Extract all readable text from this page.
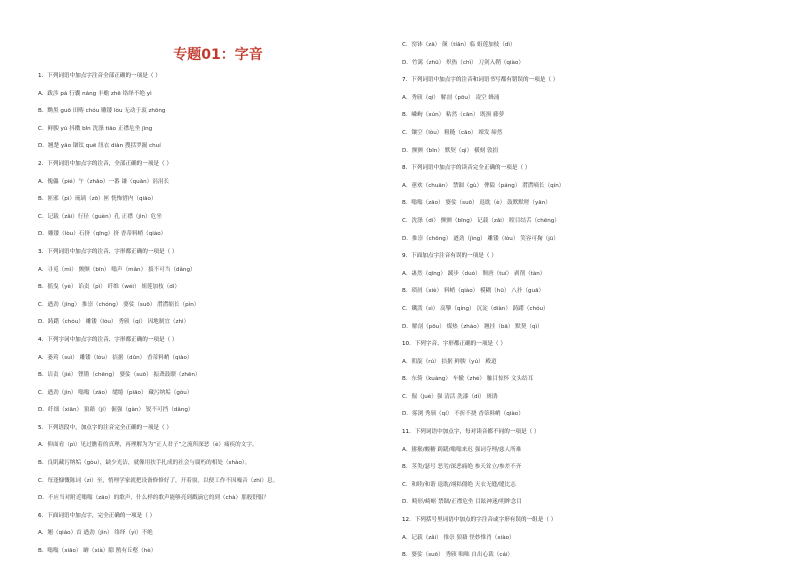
专题01：字音
1．下列词语中加点字注音全部正确的一项是（ ）
A．跋涉 pá 行囊 náng 丰赡 zhē 络绎不绝 yì
B．黝黑 guō 田畴 chóu 雕镂 lòu 无动于衷 zhōng
C．鲜腴 yú 抖擞 bǐn 洗涤 tiāo 正襟危坐 jīng
D．翘楚 yāo 锢钛 quē 纽衣 diàn 搜括罗掘 chuí
2．下列词语中加点字的注音，全部正确的一项是（ ）
A．傀儡（pié）午（zhǎo）一番 谦（quǎn）涓涓长
B．匪邪（pì）琉璃（zō）匣 恍怖惜内（qiāo）
C．记载（zǎi）行径（guèn）孔 正襟（jìn）危坐
D．雕镂（lòu）石挤（qīng）挤 香蒂料峭（qiào）
3．下列词语中加点字的注音、字形都正确的一项是（ ）
A．寻觅（mì） 颤颤（bīn） 嗡声（mǎn） 拔不可当（dǎng）
B．摇曳（yè） 谄责（pì） 纤维（wéi） 姐莲加枝（dì）
C．遒劲（jìng） 推崇（chóng） 婆娑（suō） 潸潸缩长（pìn）
D．踌躇（chóu） 雕镂（lòu） 秀颀（qí） 因地制宜（zhì）
4．下列字词中加点字的注音、字形都正确的一项是（ ）
A．萎蔫（suì） 雕镂（lòu） 拮据（dǔn） 香蒂料峭（qiào）
B．诘责（jié） 铿锵（chēng） 婆娑（suō） 振聋鼓聩（zhēn）
C．遒劲（jìn） 嗡嗡（zāo） 缱绻（piāo） 藏污纳垢（gòu）
D．纤细（xiān） 狼藉（jí） 倔强（gàn） 锐不可挡（dǎng）
5．下列语段中，加点字的注音完全正确的一项是（ ）
A．仰面看（pì）见过瞧着的真理，再理解为为“正人君子”之流所深恶（è）痛疾的文字。
B．良肌藏污纳垢（gòu），缺少光洁，就像用扶手扎成的社会与腐朽的相处（shào）。
C．每逢慷慨陈词（zì）至，悄理学家就把设备修修好了，开着窗，以便工作不因噪音（zhì）息。
D．不应当对附近嗡嗡（zāo）的歌声，什么样的歌声能够亮到戳滴它的到（chà）那般舒服？
6．下面词语中加点字，完全正确的一项是（ ）
A．翘（qiáo）首 遒劲（jìn） 络绎（yì）不绝
B．嗡嗡（xiāo） 罅（xià）隙 鹊有丘壑（hè）
C．窑钵（zā） 颠（tíǎn）临 姐莲加枝（dì）
D．竹篱（zhū） 炽热（chì） 刀剑入鞘（qiào）
7．下列词语中加点字的注音和词语书写都有错误的一项是（ ）
A．秀颀（qí） 解剖（pōu） 凌空 蜂涌
B．嶙峋（xún） 粘然（cān） 既损 藤萝
C．镶空（lòu） 粗糙（cāo） 竦发 缔然
D．颤颤（bīn） 默契（qì） 横刻 敦捐
8．下列词语中加点字的读音完全正确的一项是（ ）
A．蕙欢（chuān） 禁锢（gù） 俾隘（páng） 潸潸嘀长（qín）
B．嗡嗡（zāo） 婆娑（suō） 退耽（è） 鼓默默嗟（yān）
C．洗涤（dí） 颤颤（bīng） 记载（zǎi） 瞠目结舌（chēng）
D．推崇（chōng） 遒劲（jìng） 雕镂（lòu） 笑容可掬（jū）
9．下面加点字注音有误的一项是（ ）
A．蛊然（qīng） 蹊步（duó） 颓唐（tuí） 剥削（tàn）
B．琐屑（xiè） 料峭（qiào） 模糊（hū） 八扑（guā）
C．孅泼（sì） 高擎（qíng） 沉淀（diàn） 踌躇（chóu）
D．解剖（pōu） 煤热（zhào） 翘挂（bā） 默契（qì）
10．下列字音、字形都正确的一项是（ ）
A．朝靛（rú） 拮据 鲜腴（yú） 殿道
B．东倚（kuàng） 车辙（zhé） 触目惊怀 文头结耳
C．倔（jué）强 清活 洗漆（dí） 斑鹃
D．雾浏 秀颀（qí） 不折不挠 香蒂料峭（qiào）
11．下列词语中加点字，每对读音都不同的一项是（ ）
A．猕猴/酸糖 踌躇/嗡嗡来迟 强词夺理/慈人所难
B．茎类/瑟号 恶劣/深恶痛绝 参天耸立/参差不齐
C．和睦/和谐 退耽/翊秸僵绝 天衣无缝/缝比志
D．畸形/崎岖 禁锢/正襟危坐 目眩神迷/明眸念目
12．下列括号里词语中加点的字注音或字形有误的一组是（ ）
A．记载（zǎi） 推崇 狼藉 怪妙惟肖（xiào）
B．婆娑（suō） 秀颀 咄咄 自出心裁（cái）
